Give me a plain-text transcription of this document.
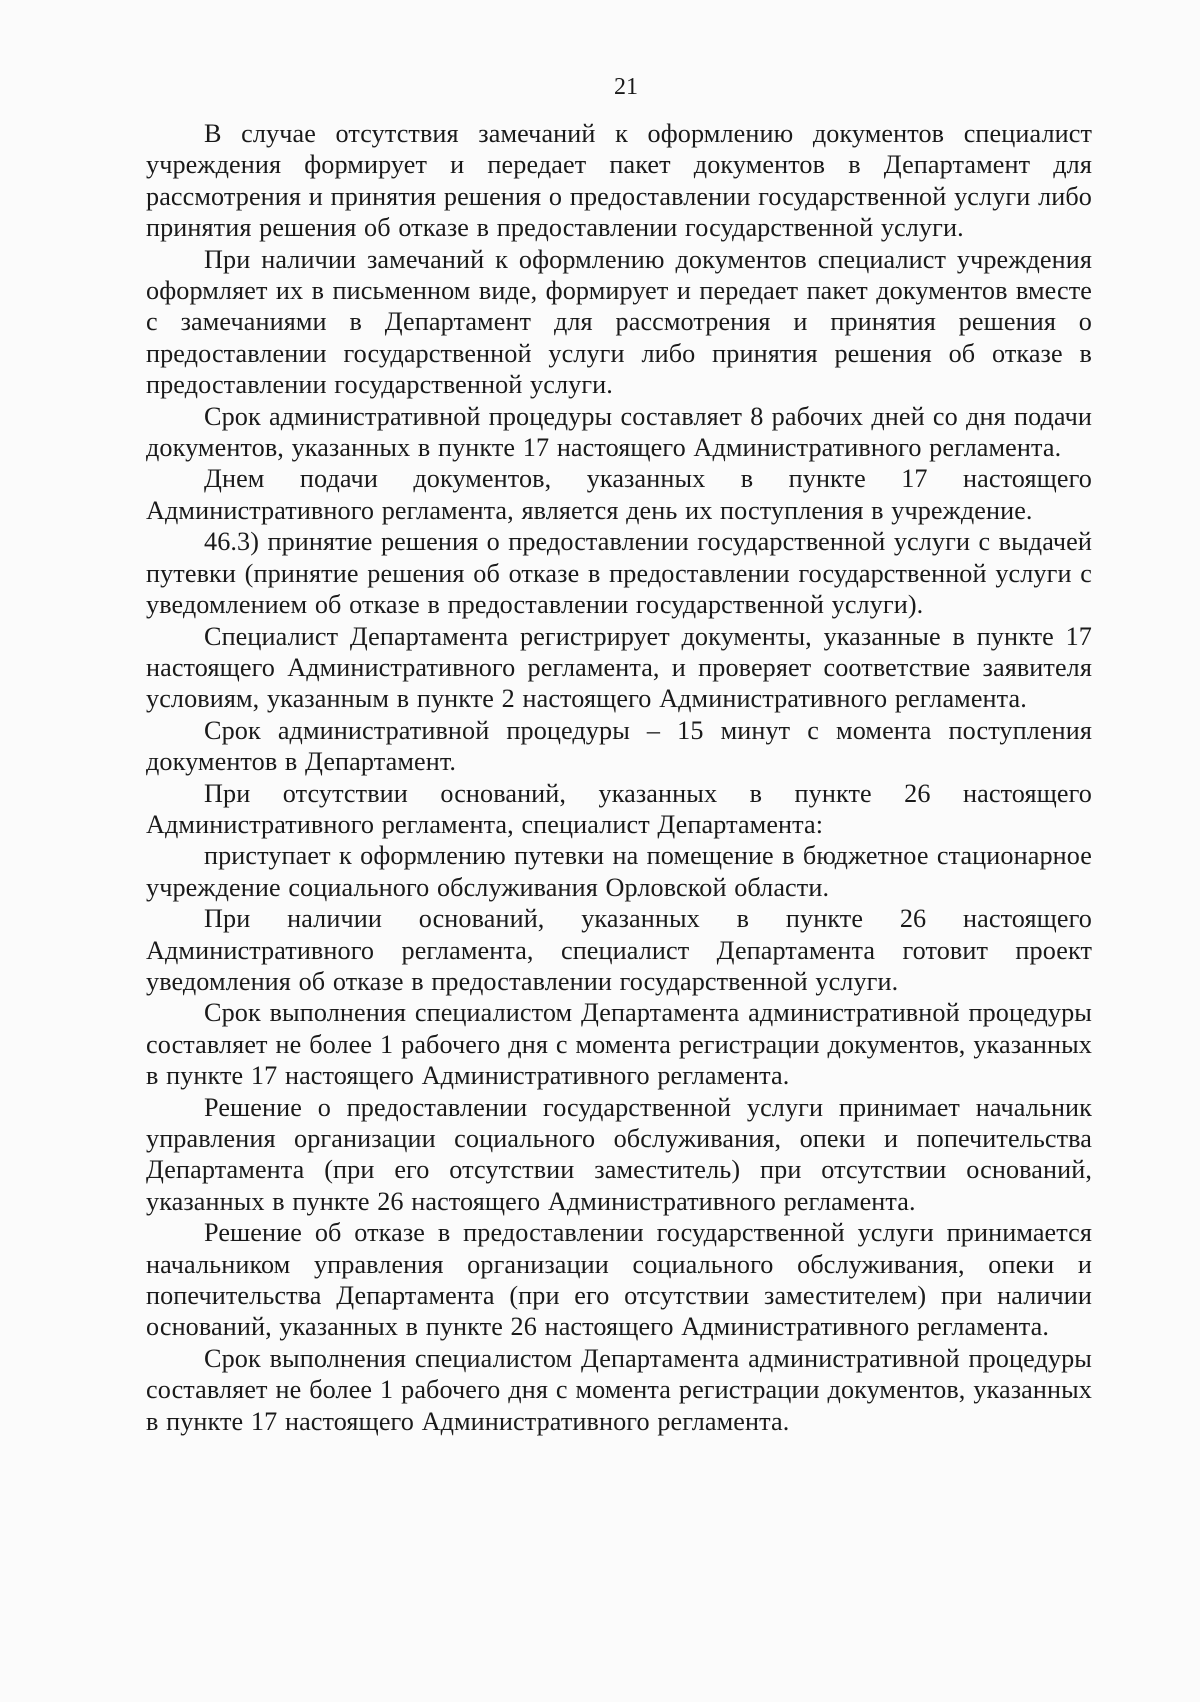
21

В случае отсутствия замечаний к оформлению документов специалист учреждения формирует и передает пакет документов в Департамент для рассмотрения и принятия решения о предоставлении государственной услуги либо принятия решения об отказе в предоставлении государственной услуги.

При наличии замечаний к оформлению документов специалист учреждения оформляет их в письменном виде, формирует и передает пакет документов вместе с замечаниями в Департамент для рассмотрения и принятия решения о предоставлении государственной услуги либо принятия решения об отказе в предоставлении государственной услуги.

Срок административной процедуры составляет 8 рабочих дней со дня подачи документов, указанных в пункте 17 настоящего Административного регламента.

Днем подачи документов, указанных в пункте 17 настоящего Административного регламента, является день их поступления в учреждение.

46.3) принятие решения о предоставлении государственной услуги с выдачей путевки (принятие решения об отказе в предоставлении государственной услуги с уведомлением об отказе в предоставлении государственной услуги).

Специалист Департамента регистрирует документы, указанные в пункте 17 настоящего Административного регламента, и проверяет соответствие заявителя условиям, указанным в пункте 2 настоящего Административного регламента.

Срок административной процедуры – 15 минут с момента поступления документов в Департамент.

При отсутствии оснований, указанных в пункте 26 настоящего Административного регламента, специалист Департамента:

приступает к оформлению путевки на помещение в бюджетное стационарное учреждение социального обслуживания Орловской области.

При наличии оснований, указанных в пункте 26 настоящего Административного регламента, специалист Департамента готовит проект уведомления об отказе в предоставлении государственной услуги.

Срок выполнения специалистом Департамента административной процедуры составляет не более 1 рабочего дня с момента регистрации документов, указанных в пункте 17 настоящего Административного регламента.

Решение о предоставлении государственной услуги принимает начальник управления организации социального обслуживания, опеки и попечительства Департамента (при его отсутствии заместитель) при отсутствии оснований, указанных в пункте 26 настоящего Административного регламента.

Решение об отказе в предоставлении государственной услуги принимается начальником управления организации социального обслуживания, опеки и попечительства Департамента (при его отсутствии заместителем) при наличии оснований, указанных в пункте 26 настоящего Административного регламента.

Срок выполнения специалистом Департамента административной процедуры составляет не более 1 рабочего дня с момента регистрации документов, указанных в пункте 17 настоящего Административного регламента.
